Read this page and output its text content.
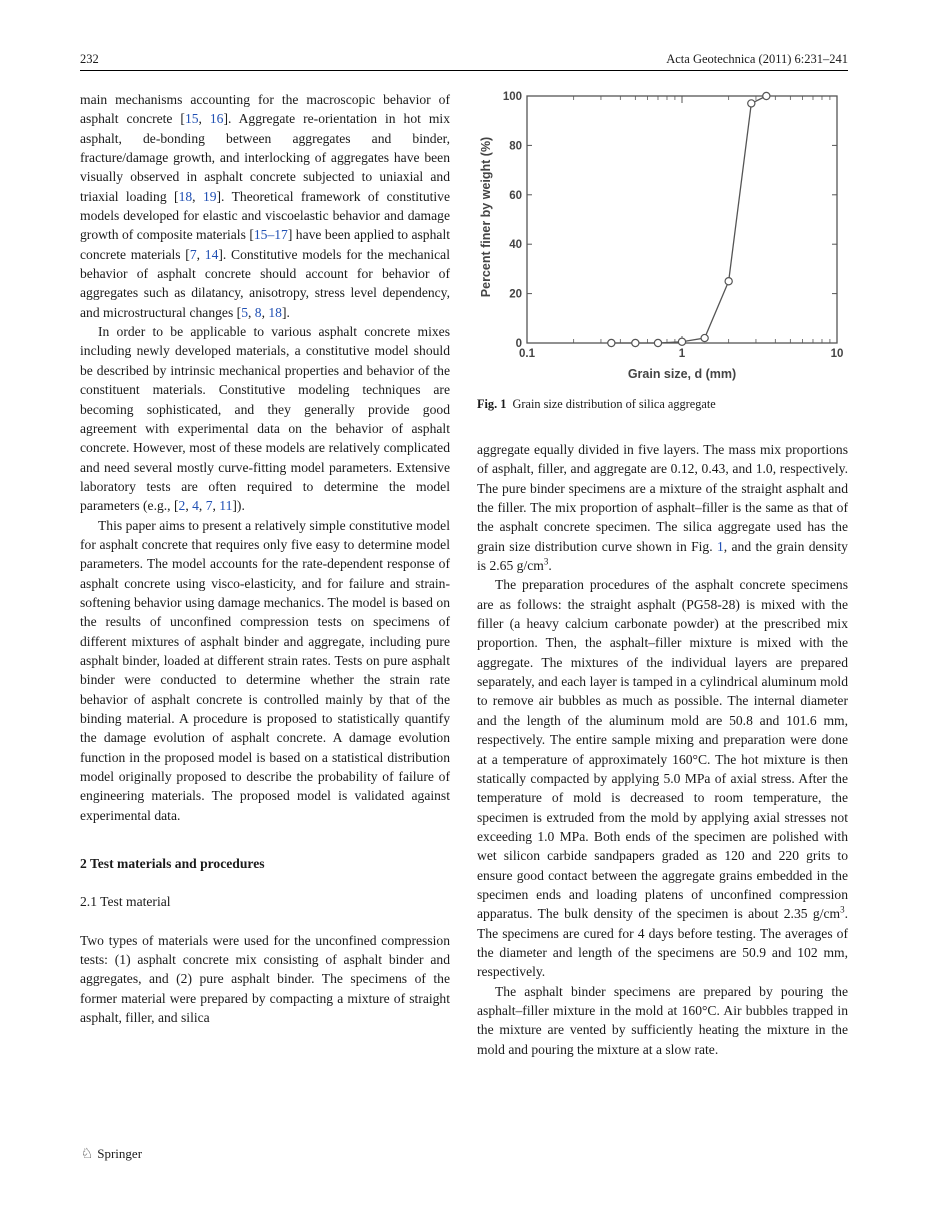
232	Acta Geotechnica (2011) 6:231–241

main mechanisms accounting for the macroscopic behavior of asphalt concrete [15, 16]. Aggregate re-orientation in hot mix asphalt, de-bonding between aggregates and binder, fracture/damage growth, and interlocking of aggregates have been visually observed in asphalt concrete subjected to uniaxial and triaxial loading [18, 19]. Theoretical framework of constitutive models developed for elastic and viscoelastic behavior and damage growth of composite materials [15–17] have been applied to asphalt concrete materials [7, 14]. Constitutive models for the mechanical behavior of asphalt concrete should account for behavior of aggregates such as dilatancy, anisotropy, stress level dependency, and microstructural changes [5, 8, 18].

In order to be applicable to various asphalt concrete mixes including newly developed materials, a constitutive model should be described by intrinsic mechanical properties and behavior of the constituent materials. Constitutive modeling techniques are becoming sophisticated, and they generally provide good agreement with experimental data on the behavior of asphalt concrete. However, most of these models are relatively complicated and need several mostly curve-fitting model parameters. Extensive laboratory tests are often required to determine the model parameters (e.g., [2, 4, 7, 11]).

This paper aims to present a relatively simple constitutive model for asphalt concrete that requires only five easy to determine model parameters. The model accounts for the rate-dependent response of asphalt concrete using visco-elasticity, and for failure and strain-softening behavior using damage mechanics. The model is based on the results of unconfined compression tests on specimens of different mixtures of asphalt binder and aggregate, including pure asphalt binder, loaded at different strain rates. Tests on pure asphalt binder were conducted to determine whether the strain rate behavior of asphalt concrete is controlled mainly by that of the binding material. A procedure is proposed to statistically quantify the damage evolution of asphalt concrete. A damage evolution function in the proposed model is based on a statistical distribution model originally proposed to describe the probability of failure of engineering materials. The proposed model is validated against experimental data.

2 Test materials and procedures

2.1 Test material

Two types of materials were used for the unconfined compression tests: (1) asphalt concrete mix consisting of asphalt binder and aggregates, and (2) pure asphalt binder. The specimens of the former material were prepared by compacting a mixture of straight asphalt, filler, and silica

0
20
40
60
80
100
0.1	1	10
Percent finer by weight (%)
Grain size, d (mm)
Fig. 1 Grain size distribution of silica aggregate

aggregate equally divided in five layers. The mass mix proportions of asphalt, filler, and aggregate are 0.12, 0.43, and 1.0, respectively. The pure binder specimens are a mixture of the straight asphalt and the filler. The mix proportion of asphalt–filler is the same as that of the asphalt concrete specimen. The silica aggregate used has the grain size distribution curve shown in Fig. 1, and the grain density is 2.65 $g/cm^3$.

The preparation procedures of the asphalt concrete specimens are as follows: the straight asphalt (PG58-28) is mixed with the filler (a heavy calcium carbonate powder) at the prescribed mix proportion. Then, the asphalt–filler mixture is mixed with the aggregate. The mixtures of the individual layers are prepared separately, and each layer is tamped in a cylindrical aluminum mold to remove air bubbles as much as possible. The internal diameter and the length of the aluminum mold are 50.8 and 101.6 mm, respectively. The entire sample mixing and preparation were done at a temperature of approximately 160°C. The hot mixture is then statically compacted by applying 5.0 MPa of axial stress. After the temperature of mold is decreased to room temperature, the specimen is extruded from the mold by applying axial stresses not exceeding 1.0 MPa. Both ends of the specimen are polished with wet silicon carbide sandpapers graded as 120 and 220 grits to ensure good contact between the aggregate grains embedded in the specimen ends and loading platens of unconfined compression apparatus. The bulk density of the specimen is about 2.35 $g/cm^3$. The specimens are cured for 4 days before testing. The averages of the diameter and length of the specimens are 50.9 and 102 mm, respectively.

The asphalt binder specimens are prepared by pouring the asphalt–filler mixture in the mold at 160°C. Air bubbles trapped in the mixture are vented by sufficiently heating the mixture in the mold and pouring the mixture at a slow rate.

♘ Springer
